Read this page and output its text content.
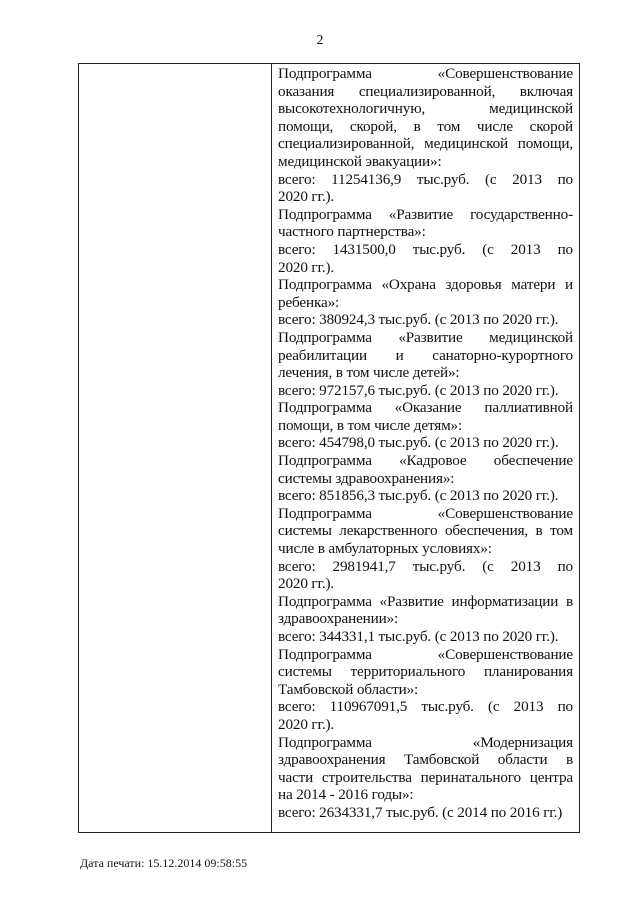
2
Подпрограмма «Совершенствование
оказания специализированной, включая
высокотехнологичную, медицинской
помощи, скорой, в том числе скорой
специализированной, медицинской помощи,
медицинской эвакуации»:
всего: 11254136,9 тыс.руб. (с 2013 по
2020 гг.).
Подпрограмма «Развитие государственно-
частного партнерства»:
всего: 1431500,0 тыс.руб. (с 2013 по
2020 гг.).
Подпрограмма «Охрана здоровья матери и
ребенка»:
всего: 380924,3 тыс.руб. (с 2013 по 2020 гг.).
Подпрограмма «Развитие медицинской
реабилитации и санаторно-курортного
лечения, в том числе детей»:
всего: 972157,6 тыс.руб. (с 2013 по 2020 гг.).
Подпрограмма «Оказание паллиативной
помощи, в том числе детям»:
всего: 454798,0 тыс.руб. (с 2013 по 2020 гг.).
Подпрограмма «Кадровое обеспечение
системы здравоохранения»:
всего: 851856,3 тыс.руб. (с 2013 по 2020 гг.).
Подпрограмма «Совершенствование
системы лекарственного обеспечения, в том
числе в амбулаторных условиях»:
всего: 2981941,7 тыс.руб. (с 2013 по
2020 гг.).
Подпрограмма «Развитие информатизации в
здравоохранении»:
всего: 344331,1 тыс.руб. (с 2013 по 2020 гг.).
Подпрограмма «Совершенствование
системы территориального планирования
Тамбовской области»:
всего: 110967091,5 тыс.руб. (с 2013 по
2020 гг.).
Подпрограмма «Модернизация
здравоохранения Тамбовской области в
части строительства перинатального центра
на 2014 - 2016 годы»:
всего: 2634331,7 тыс.руб. (с 2014 по 2016 гг.)
Дата печати: 15.12.2014 09:58:55
